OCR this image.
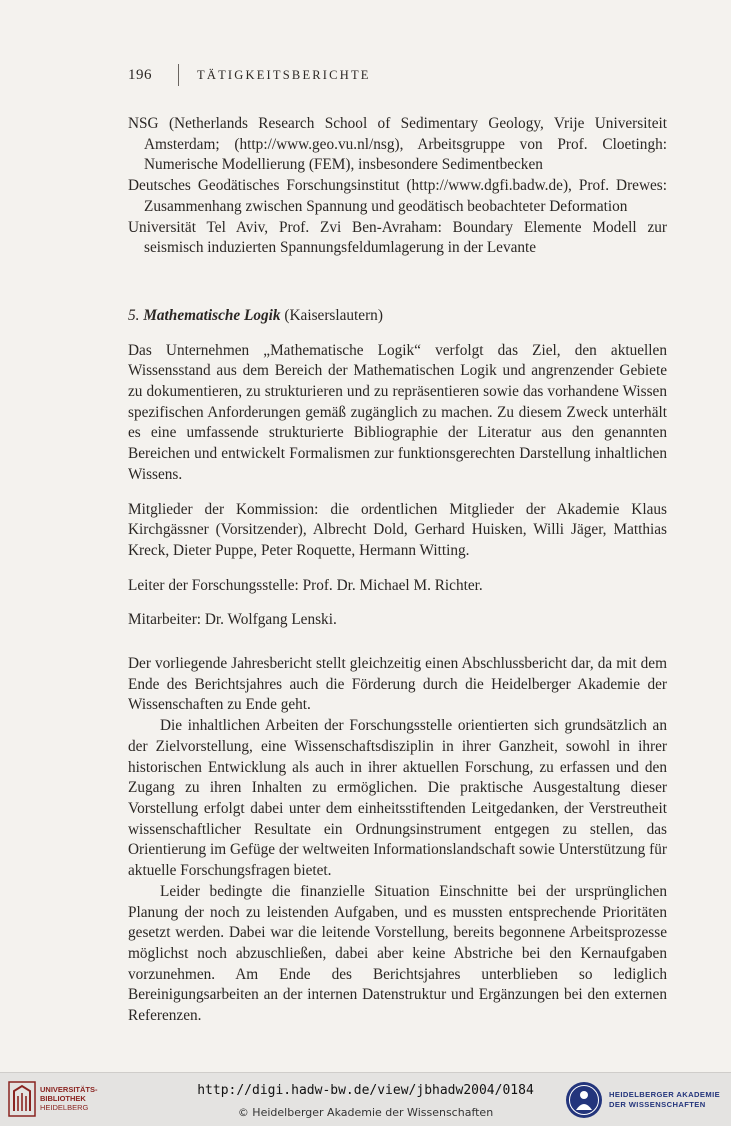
196	TÄTIGKEITSBERICHTE

NSG (Netherlands Research School of Sedimentary Geology, Vrije Universiteit Amsterdam; (http://www.geo.vu.nl/nsg), Arbeitsgruppe von Prof. Cloetingh: Numerische Modellierung (FEM), insbesondere Sedimentbecken

Deutsches Geodätisches Forschungsinstitut (http://www.dgfi.badw.de), Prof. Drewes: Zusammenhang zwischen Spannung und geodätisch beobachteter Deformation

Universität Tel Aviv, Prof. Zvi Ben-Avraham: Boundary Elemente Modell zur seismisch induzierten Spannungsfeldumlagerung in der Levante

5. Mathematische Logik (Kaiserslautern)

Das Unternehmen „Mathematische Logik“ verfolgt das Ziel, den aktuellen Wissensstand aus dem Bereich der Mathematischen Logik und angrenzender Gebiete zu dokumentieren, zu strukturieren und zu repräsentieren sowie das vorhandene Wissen spezifischen Anforderungen gemäß zugänglich zu machen. Zu diesem Zweck unterhält es eine umfassende strukturierte Bibliographie der Literatur aus den genannten Bereichen und entwickelt Formalismen zur funktionsgerechten Darstellung inhaltlichen Wissens.

Mitglieder der Kommission: die ordentlichen Mitglieder der Akademie Klaus Kirchgässner (Vorsitzender), Albrecht Dold, Gerhard Huisken, Willi Jäger, Matthias Kreck, Dieter Puppe, Peter Roquette, Hermann Witting.

Leiter der Forschungsstelle: Prof. Dr. Michael M. Richter.

Mitarbeiter: Dr. Wolfgang Lenski.

Der vorliegende Jahresbericht stellt gleichzeitig einen Abschlussbericht dar, da mit dem Ende des Berichtsjahres auch die Förderung durch die Heidelberger Akademie der Wissenschaften zu Ende geht.

Die inhaltlichen Arbeiten der Forschungsstelle orientierten sich grundsätzlich an der Zielvorstellung, eine Wissenschaftsdisziplin in ihrer Ganzheit, sowohl in ihrer historischen Entwicklung als auch in ihrer aktuellen Forschung, zu erfassen und den Zugang zu ihren Inhalten zu ermöglichen. Die praktische Ausgestaltung dieser Vorstellung erfolgt dabei unter dem einheitsstiftenden Leitgedanken, der Verstreutheit wissenschaftlicher Resultate ein Ordnungsinstrument entgegen zu stellen, das Orientierung im Gefüge der weltweiten Informationslandschaft sowie Unterstützung für aktuelle Forschungsfragen bietet.

Leider bedingte die finanzielle Situation Einschnitte bei der ursprünglichen Planung der noch zu leistenden Aufgaben, und es mussten entsprechende Prioritäten gesetzt werden. Dabei war die leitende Vorstellung, bereits begonnene Arbeitsprozesse möglichst noch abzuschließen, dabei aber keine Abstriche bei den Kernaufgaben vorzunehmen. Am Ende des Berichtsjahres unterblieben so lediglich Bereinigungsarbeiten an der internen Datenstruktur und Ergänzungen bei den externen Referenzen.

UNIVERSITÄTS-
BIBLIOTHEK
HEIDELBERG
http://digi.hadw-bw.de/view/jbhadw2004/0184
© Heidelberger Akademie der Wissenschaften
HEIDELBERGER AKADEMIE
DER WISSENSCHAFTEN
